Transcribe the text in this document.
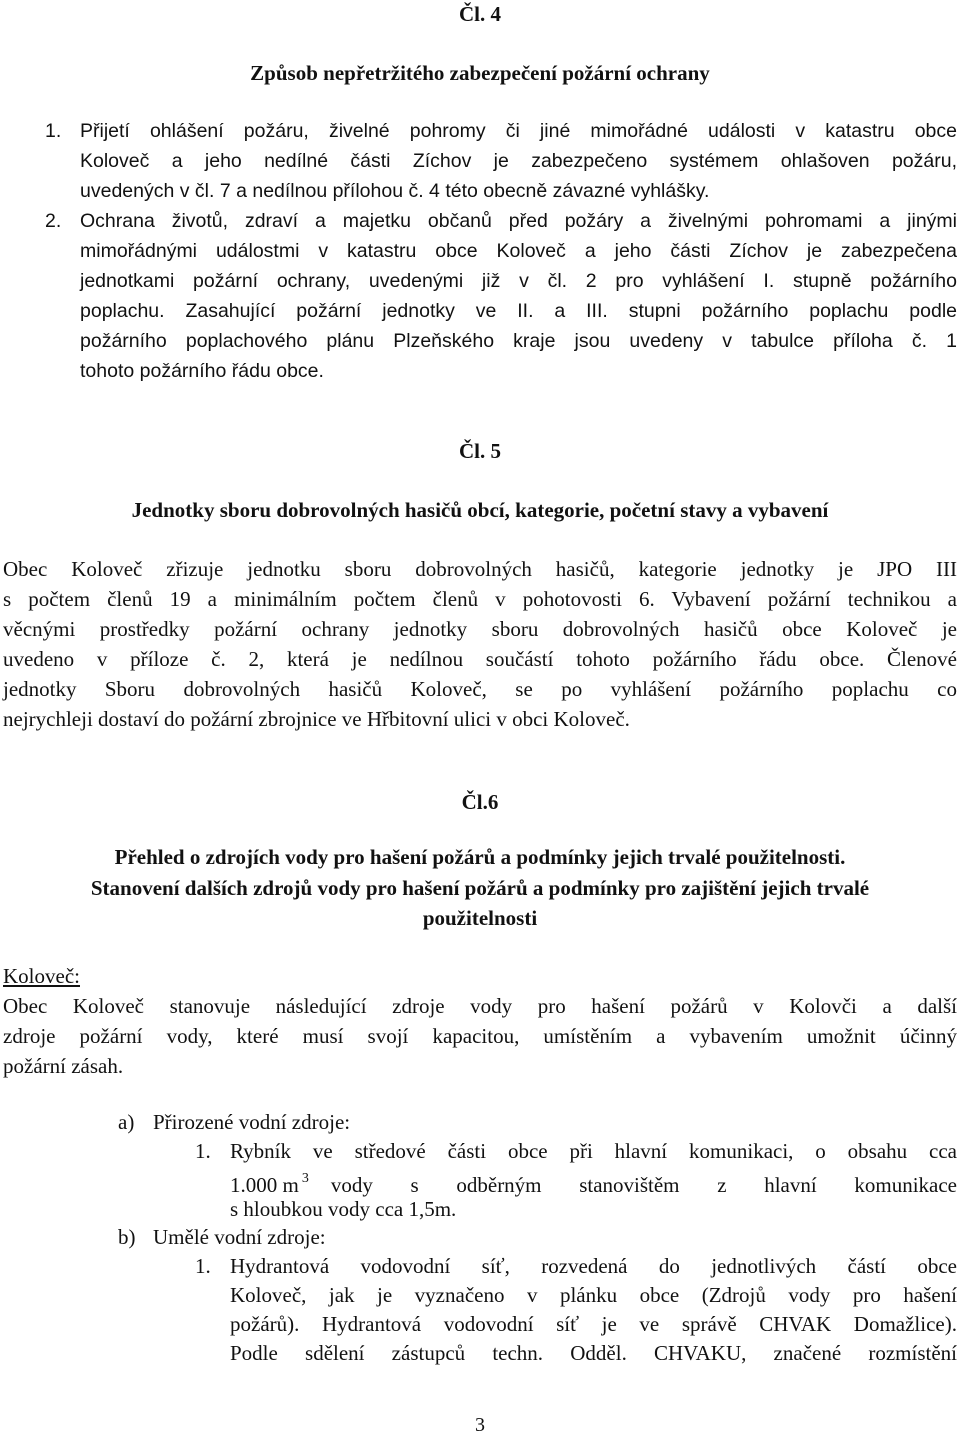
Čl. 4
Způsob nepřetržitého zabezpečení požární ochrany
1. Přijetí ohlášení požáru, živelné pohromy či jiné mimořádné události v katastru obce
Koloveč a jeho nedílné části Zíchov je zabezpečeno systémem ohlašoven požáru,
uvedených v čl. 7 a nedílnou přílohou č. 4 této obecně závazné vyhlášky.
2. Ochrana životů, zdraví a majetku občanů před požáry a živelnými pohromami a jinými
mimořádnými událostmi v katastru obce Koloveč a jeho části Zíchov je zabezpečena
jednotkami požární ochrany, uvedenými již v čl. 2 pro vyhlášení I. stupně požárního
poplachu. Zasahující požární jednotky ve II. a III. stupni požárního poplachu podle
požárního poplachového plánu Plzeňského kraje jsou uvedeny v tabulce příloha č. 1
tohoto požárního řádu obce.
Čl. 5
Jednotky sboru dobrovolných hasičů obcí, kategorie, početní stavy a vybavení
Obec Koloveč zřizuje jednotku sboru dobrovolných hasičů, kategorie jednotky je JPO III
s počtem členů 19 a minimálním počtem členů v pohotovosti 6. Vybavení požární technikou a
věcnými prostředky požární ochrany jednotky sboru dobrovolných hasičů obce Koloveč je
uvedeno v příloze č. 2, která je nedílnou součástí tohoto požárního řádu obce. Členové
jednotky Sboru dobrovolných hasičů Koloveč, se po vyhlášení požárního poplachu co
nejrychleji dostaví do požární zbrojnice ve Hřbitovní ulici v obci Koloveč.
Čl.6
Přehled o zdrojích vody pro hašení požárů a podmínky jejich trvalé použitelnosti.
Stanovení dalších zdrojů vody pro hašení požárů a podmínky pro zajištění jejich trvalé
použitelnosti
Koloveč:
Obec Koloveč stanovuje následující zdroje vody pro hašení požárů v Kolovči a další
zdroje požární vody, které musí svojí kapacitou, umístěním a vybavením umožnit účinný
požární zásah.
a) Přirozené vodní zdroje:
1. Rybník ve středové části obce při hlavní komunikaci, o obsahu cca
1.000 m $^3$ vody s odběrným stanovištěm z hlavní komunikace
s hloubkou vody cca 1,5m.
b) Umělé vodní zdroje:
1. Hydrantová vodovodní síť, rozvedená do jednotlivých částí obce
Koloveč, jak je vyznačeno v plánku obce (Zdrojů vody pro hašení
požárů). Hydrantová vodovodní síť je ve správě CHVAK Domažlice).
Podle sdělení zástupců techn. Odděl. CHVAKU, značené rozmístění
3
